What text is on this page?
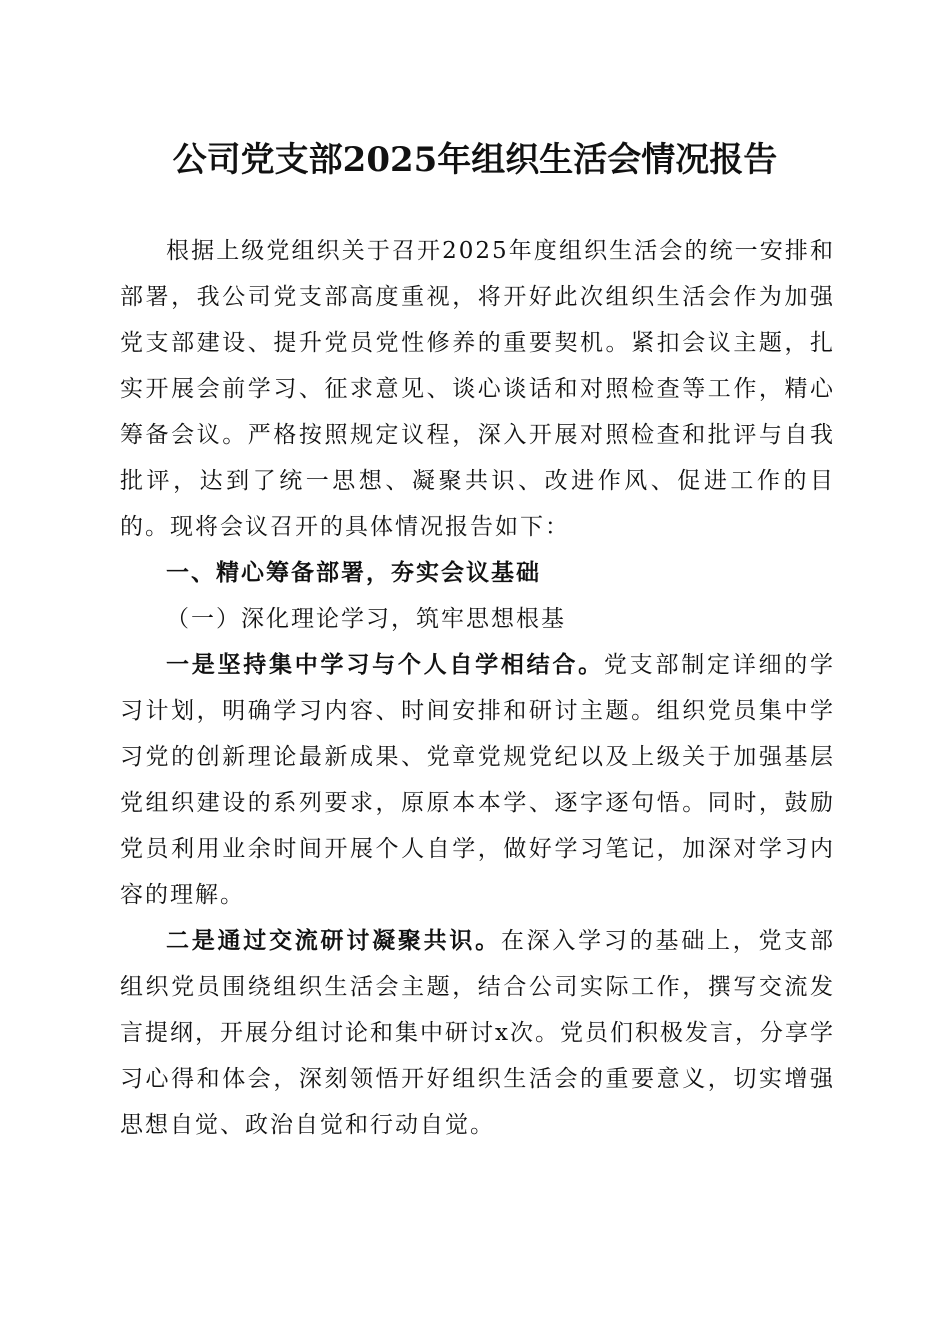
公司党支部2025年组织生活会情况报告

根据上级党组织关于召开2025年度组织生活会的统一安排和部署，我公司党支部高度重视，将开好此次组织生活会作为加强党支部建设、提升党员党性修养的重要契机。紧扣会议主题，扎实开展会前学习、征求意见、谈心谈话和对照检查等工作，精心筹备会议。严格按照规定议程，深入开展对照检查和批评与自我批评，达到了统一思想、凝聚共识、改进作风、促进工作的目的。现将会议召开的具体情况报告如下：

一、精心筹备部署，夯实会议基础

（一）深化理论学习，筑牢思想根基

一是坚持集中学习与个人自学相结合。党支部制定详细的学习计划，明确学习内容、时间安排和研讨主题。组织党员集中学习党的创新理论最新成果、党章党规党纪以及上级关于加强基层党组织建设的系列要求，原原本本学、逐字逐句悟。同时，鼓励党员利用业余时间开展个人自学，做好学习笔记，加深对学习内容的理解。

二是通过交流研讨凝聚共识。在深入学习的基础上，党支部组织党员围绕组织生活会主题，结合公司实际工作，撰写交流发言提纲，开展分组讨论和集中研讨x次。党员们积极发言，分享学习心得和体会，深刻领悟开好组织生活会的重要意义，切实增强思想自觉、政治自觉和行动自觉。
